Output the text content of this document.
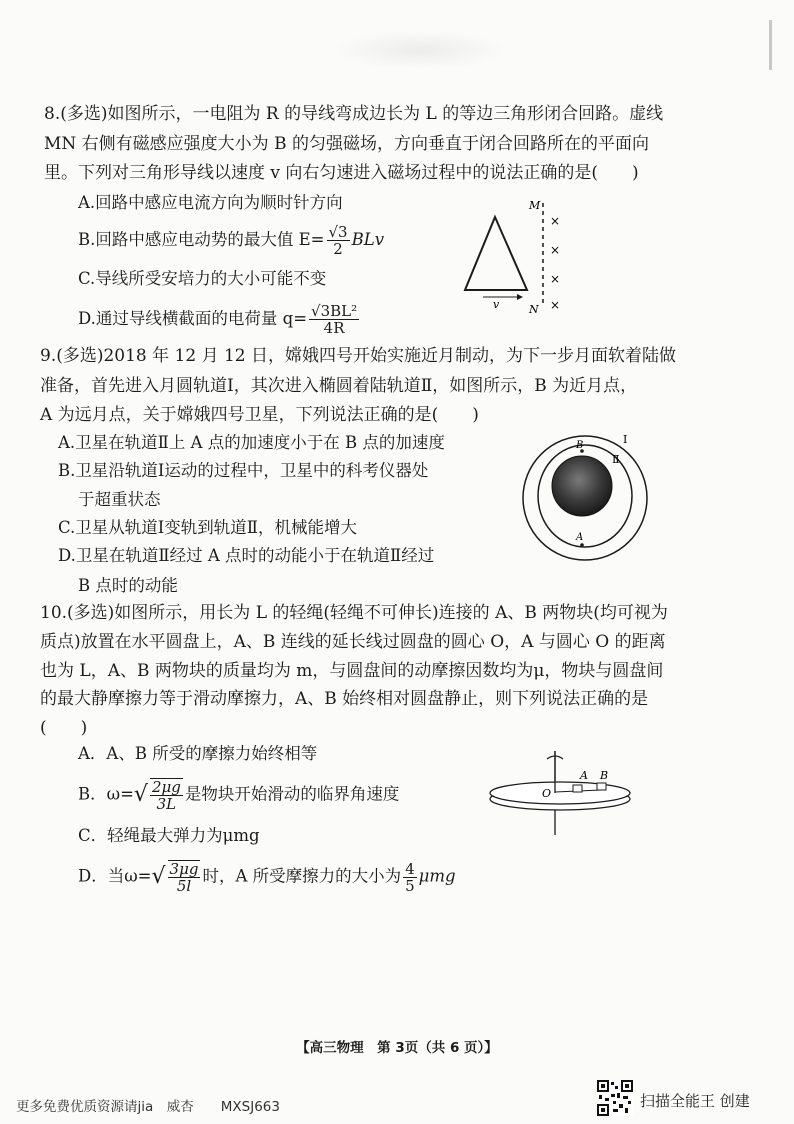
8.(多选)如图所示，一电阻为 R 的导线弯成边长为 L 的等边三角形闭合回路。虚线
MN 右侧有磁感应强度大小为 B 的匀强磁场，方向垂直于闭合回路所在的平面向
里。下列对三角形导线以速度 v 向右匀速进入磁场过程中的说法正确的是(　　)
A.回路中感应电流方向为顺时针方向
B.回路中感应电动势的最大值 $E= \frac{√3}{2}$ BLv
C.导线所受安培力的大小可能不变
D.通过导线横截面的电荷量 $q= \frac{\text{√3BL²}}{4R}$
M
N
v
×
×
×
×
9.(多选)2018 年 12 月 12 日，嫦娥四号开始实施近月制动，为下一步月面软着陆做
准备，首先进入月圆轨道Ⅰ，其次进入椭圆着陆轨道Ⅱ，如图所示，B 为近月点，
A 为远月点，关于嫦娥四号卫星，下列说法正确的是(　　)
A.卫星在轨道Ⅱ上 A 点的加速度小于在 B 点的加速度
B.卫星沿轨道Ⅰ运动的过程中，卫星中的科考仪器处
于超重状态
C.卫星从轨道Ⅰ变轨到轨道Ⅱ，机械能增大
D.卫星在轨道Ⅱ经过 A 点时的动能小于在轨道Ⅱ经过
B 点时的动能
B
A
Ⅰ
Ⅱ
10.(多选)如图所示，用长为 L 的轻绳(轻绳不可伸长)连接的 A、B 两物块(均可视为
质点)放置在水平圆盘上，A、B 连线的延长线过圆盘的圆心 O，A 与圆心 O 的距离
也为 L，A、B 两物块的质量均为 m，与圆盘间的动摩擦因数均为μ，物块与圆盘间
的最大静摩擦力等于滑动摩擦力，A、B 始终相对圆盘静止，则下列说法正确的是
(　　)
A．A、B 所受的摩擦力始终相等
B．$\omega=√ \frac{2\mu g}{3L}$ 是物块开始滑动的临界角速度
C．轻绳最大弹力为μmg
D．当$\omega=√ \frac{3\mu g}{5l}$ 时，A 所受摩擦力的大小为 $\frac{4}{5}$ μmg
O
A B
【高三物理　第 3页（共 6 页）】
更多免费优质资源请jia　威杏　　MXSJ663	扫描全能王 创建
